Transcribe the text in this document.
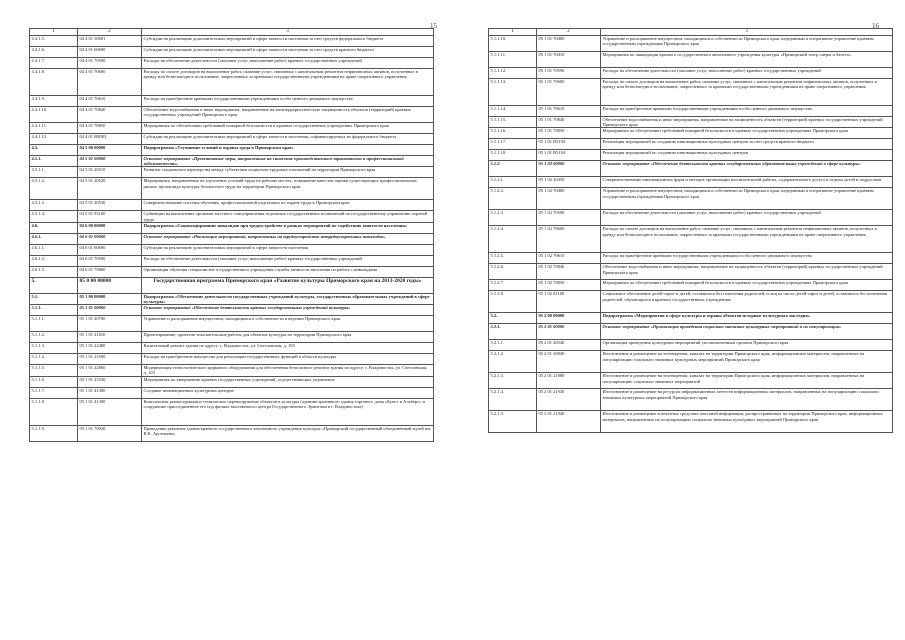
15	16
1	2	3
4.4.1.5.	04 4 01 58081	Субсидии на реализацию дополнительных мероприятий в сфере занятости населения за счет средств федерального бюджета
4.4.1.6.	04 4 01 60690	Субсидии на реализацию дополнительных мероприятий в сфере занятости населения за счет средств краевого бюджета
4.4.1.7.	04 4 01 70590	Расходы на обеспечение деятельности (оказание услуг, выполнение работ) краевых государственных учреждений
4.4.1.8.	04 4 01 70600	Расходы по оплате договоров на выполнение работ, оказание услуг, связанных с капитальным ремонтом нефинансовых активов, полученных в аренду или безвозмездное пользование, закрепленных за краевыми государственными учреждениями на праве оперативного управления
4.4.1.9.	04 4 01 70610	Расходы на приобретение краевыми государственными учреждениями особо ценного движимого имущества
4.4.1.10.	04 4 01 70840	Обеспечение водоснабжения и иные мероприятия, направленные на антитеррористическую защищенность объектов (территорий) краевых государственных учреждений Приморского края
4.4.1.11.	04 4 01 70850	Мероприятия по обеспечению требований пожарной безопасности в краевых государственных учреждениях Приморского края
4.4.1.12.	04 4 01 R8083	Субсидии на реализацию дополнительных мероприятий в сфере занятости населения, софинансируемых из федерального бюджета
4.5.	04 5 00 00000	Подпрограмма «Улучшение условий и охраны труда в Приморском крае»
4.5.1.	04 5 01 00000	Основное мероприятие «Превентивные меры, направленные на снижение производственного травматизма и профессиональной заболеваемости»
4.5.1.1.	04 5 01 20510	Развитие социального партнерства между субъектами социально-трудовых отношений на территории Приморского края
4.5.1.2.	04 5 01 20520	Мероприятия, направленные на улучшение условий труда на рабочих местах, повышение качества оценки существующих профессиональных рисков, пропаганда культуры безопасного труда на территории Приморского края
4.5.1.3.	04 5 01 20530	Совершенствование системы обучения, профессиональной подготовки по охране труда в Приморском крае
4.5.1.4.	04 5 01 93100	Субвенции на выполнение органами местного самоуправления отдельных государственных полномочий по государственному управлению охраной труда
4.6.	04 6 00 00000	Подпрограмма «Социокодирование инвалидов при трудоустройстве в рамках мероприятий по содействию занятости населения»
4.6.1.	04 6 01 00000	Основное мероприятие «Реализация мероприятий, направленных на трудоустройство нетрудоустроенных инвалидов»
4.6.1.1.	04 6 01 60690	Субсидии на реализацию дополнительных мероприятий в сфере занятости населения
4.6.1.2.	04 6 01 70590	Расходы на обеспечение деятельности (оказание услуг, выполнение работ) краевых государственных учреждений
4.6.1.3.	04 6 01 70860	Организация обучения специалистов государственного учреждения службы занятости населения по работе с инвалидами
5.	05 0 00 00000	Государственная программа Приморского края «Развитие культуры Приморского края на 2013-2020 годы»
5.1.	05 1 00 00000	Подпрограмма «Обеспечение деятельности государственных учреждений культуры, государственных образовательных учреждений в сфере культуры»
5.1.1.	05 1 01 00000	Основное мероприятие «Обеспечение деятельности краевых государственных учреждений культуры»
5.1.1.1.	05 1 01 20700	Управление и распоряжение имуществом, находящимся в собственности и ведении Приморского края
5.1.1.2.	05 1 01 21810	Проектирование, проектно-изыскательские работы для объектов культуры на территории Приморского края
5.1.1.3.	05 1 01 22480	Капитальный ремонт здания по адресу: г. Владивосток, ул. Светланская, д. 103
5.1.1.4.	05 1 01 22590	Расходы на приобретение имущества для реализации государственных функций в области культуры
5.1.1.5.	05 1 01 22860	Модернизация технологического циркового оборудования для обеспечения безопасного ремонта здания по адресу: г. Владивосток, ул. Светланская, д. 103
5.1.1.6.	05 1 01 23330	Мероприятия по завершению краевых государственных учреждений, осуществляющих управление
5.1.1.7.	05 1 01 41380	Создание инновационных культурных центров
5.1.1.8.	05 1 01 41390	Комплексная реконструкция и техническое перевооружение объектов в культуры (административного здания торгового дома «Кунст и Альберс» и сооружение присоединенное его под филиал выставочного центра Государственного Эрмитажа в г. Владивостоке)
5.1.1.9.	05 1 01 70020	Проведение ремонтов здания краевого государственного автономного учреждения культуры «Приморский государственный объединенный музей им. В.К. Арсеньева»
1	2	3
5.1.1.10.	05 1 01 70400	Управление и распоряжение имуществом, находящимся в собственности Приморского края, переданным в оперативное управление краевым государственным учреждениям Приморского края
5.1.1.11.	05 1 01 70410	Мероприятия по ликвидации краевого государственного автономного учреждения культуры «Приморский театр оперы и балета»
5.1.1.12.	05 1 01 70590	Расходы на обеспечение деятельности (оказание услуг, выполнение работ) краевых государственных учреждений
5.1.1.13.	05 1 01 70600	Расходы по оплате договоров на выполнение работ, оказание услуг, связанных с капитальным ремонтом нефинансовых активов, полученных в аренду или безвозмездное пользование, закрепленных за краевыми государственными учреждениями на праве оперативного управления
5.1.1.14.	05 1 01 70610	Расходы на приобретение краевыми государственными учреждениями особо ценного движимого имущества
5.1.1.15.	05 1 01 70840	Обеспечение водоснабжения и иные мероприятия, направленные на защищенность объектов (территорий) краевых государственных учреждений Приморского края
5.1.1.16.	05 1 01 70850	Мероприятия по обеспечению требований пожарной безопасности в краевых государственных учреждениях Приморского края
5.1.1.17.	05 1 01 R5194	Реализация мероприятий по созданию инновационных культурных центров за счет средств краевого бюджета
5.1.1.18.	05 1 01 R5194	Реализация мероприятий по созданию инновационных культурных центров
5.1.2.	05 1 02 00000	Основное мероприятие «Обеспечение деятельности краевых государственных образовательных учреждений в сфере культуры»
5.1.2.1.	05 1 02 20450	Совершенствование инновационных форм и методов организации воспитательной работы, содержательного досуга и отдыха детей и подростков
5.1.2.2.	05 1 02 70400	Управление и распоряжение имуществом, находящимся в собственности Приморского края, переданным в оперативное управление краевым государственным учреждениям Приморского края
5.1.2.3.	05 1 02 70590	Расходы на обеспечение деятельности (оказание услуг, выполнение работ) краевых государственных учреждений
5.1.2.4.	05 1 02 70600	Расходы по оплате договоров на выполнение работ, оказание услуг, связанных с капитальным ремонтом нефинансовых активов, полученных в аренду или безвозмездное пользование, закрепленных за краевыми государственными учреждениями на праве оперативного управления
5.1.2.5.	05 1 02 70610	Расходы на приобретение краевыми государственными учреждениями особо ценного движимого имущества
5.1.2.6.	05 1 02 70840	Обеспечение водоснабжения и иные мероприятия, направленные на защищенность объектов (территорий) краевых государственных учреждений Приморского края
5.1.2.7.	05 1 02 70850	Мероприятия по обеспечению требований пожарной безопасности в краевых государственных учреждениях Приморского края
5.1.2.8.	05 1 02 81100	Социальное обеспечение детей-сирот и детей, оставшихся без попечения родителей, и лиц из числа детей-сирот и детей, оставшихся без попечения родителей, обучающихся в краевых государственных учреждениях
5.2.	05 2 00 00000	Подпрограмма «Мероприятия в сфере культуры и охраны объектов историко-культурного наследия»
5.2.1.	05 2 01 00000	Основное мероприятие «Организация проведения социально значимых культурных мероприятий и их популяризация»
5.2.1.1.	05 2 01 20340	Организация проведения культурных мероприятий уполномоченным органом Приморского края
5.2.1.2.	05 2 01 20840	Изготовление и размещение на телевидении, каналах на территории Приморского края, информационных материалов, направленных на популяризацию социально значимых культурных мероприятий Приморского края
5.2.1.3.	05 2 01 21880	Изготовление и размещение на телевидении, каналах на территории Приморского края, информационных материалов, направленных на популяризацию социально значимых мероприятий
5.2.1.4.	05 2 01 21930	Изготовление и размещение на ресурсах информационных агентств информационных материалов, направленных на популяризацию социально значимых культурных мероприятий Приморского края
5.2.1.5.	05 2 01 21940	Изготовление и размещение в печатных средствах массовой информации, распространяемых на территории Приморского края, информационных материалов, направленных на популяризацию социально значимых культурных мероприятий Приморского края
